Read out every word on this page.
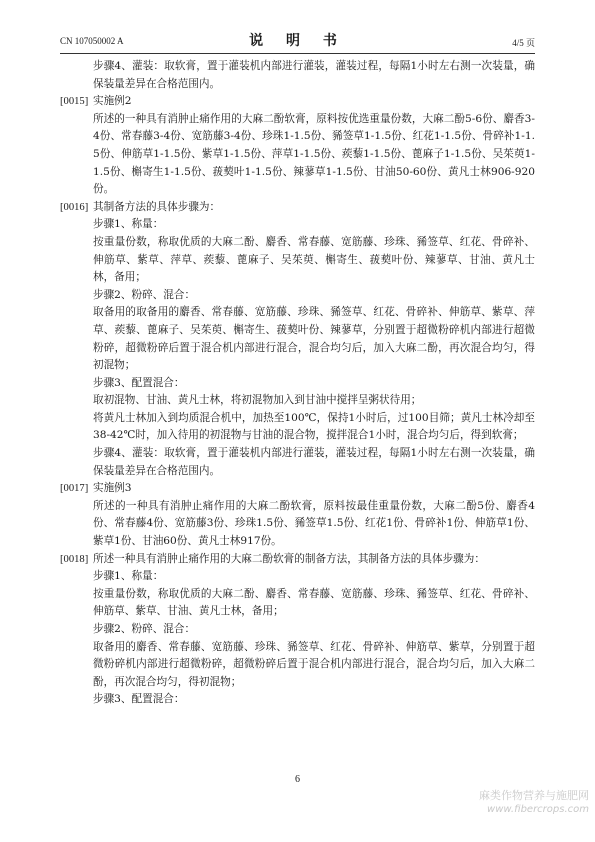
CN 107050002 A	说 明 书	4/5 页

步骤4、灌装：取软膏，置于灌装机内部进行灌装，灌装过程，每隔1小时左右测一次装量，确保装量差异在合格范围内。

[0015] 实施例2

所述的一种具有消肿止痛作用的大麻二酚软膏，原料按优选重量份数，大麻二酚5-6份、麝香3-4份、常春藤3-4份、宽筋藤3-4份、珍珠1-1.5份、豨签草1-1.5份、红花1-1.5份、骨碎补1-1.5份、伸筋草1-1.5份、紫草1-1.5份、萍草1-1.5份、蒺藜1-1.5份、蓖麻子1-1.5份、吴茱萸1-1.5份、槲寄生1-1.5份、菝葜叶1-1.5份、辣蓼草1-1.5份、甘油50-60份、黄凡士林906-920份。

[0016] 其制备方法的具体步骤为：

步骤1、称量：

按重量份数，称取优质的大麻二酚、麝香、常春藤、宽筋藤、珍珠、豨签草、红花、骨碎补、伸筋草、紫草、萍草、蒺藜、蓖麻子、吴茱萸、槲寄生、菝葜叶份、辣蓼草、甘油、黄凡士林，备用；

步骤2、粉碎、混合：

取备用的取备用的麝香、常春藤、宽筋藤、珍珠、豨签草、红花、骨碎补、伸筋草、紫草、萍草、蒺藜、蓖麻子、吴茱萸、槲寄生、菝葜叶份、辣蓼草，分别置于超微粉碎机内部进行超微粉碎，超微粉碎后置于混合机内部进行混合，混合均匀后，加入大麻二酚，再次混合均匀，得初混物；

步骤3、配置混合：

取初混物、甘油、黄凡士林，将初混物加入到甘油中搅拌呈粥状待用；

将黄凡士林加入到均质混合机中，加热至100℃，保持1小时后，过100目筛；黄凡士林冷却至38-42℃时，加入待用的初混物与甘油的混合物，搅拌混合1小时，混合均匀后，得到软膏；

步骤4、灌装：取软膏，置于灌装机内部进行灌装，灌装过程，每隔1小时左右测一次装量，确保装量差异在合格范围内。

[0017] 实施例3

所述的一种具有消肿止痛作用的大麻二酚软膏，原料按最佳重量份数，大麻二酚5份、麝香4份、常春藤4份、宽筋藤3份、珍珠1.5份、豨签草1.5份、红花1份、骨碎补1份、伸筋草1份、紫草1份、甘油60份、黄凡士林917份。

[0018] 所述一种具有消肿止痛作用的大麻二酚软膏的制备方法，其制备方法的具体步骤为：

步骤1、称量：

按重量份数，称取优质的大麻二酚、麝香、常春藤、宽筋藤、珍珠、豨签草、红花、骨碎补、伸筋草、紫草、甘油、黄凡士林，备用；

步骤2、粉碎、混合：

取备用的麝香、常春藤、宽筋藤、珍珠、豨签草、红花、骨碎补、伸筋草、紫草，分别置于超微粉碎机内部进行超微粉碎，超微粉碎后置于混合机内部进行混合，混合均匀后，加入大麻二酚，再次混合均匀，得初混物；

步骤3、配置混合：

6
麻类作物营养与施肥网
www.fibercrops.com
